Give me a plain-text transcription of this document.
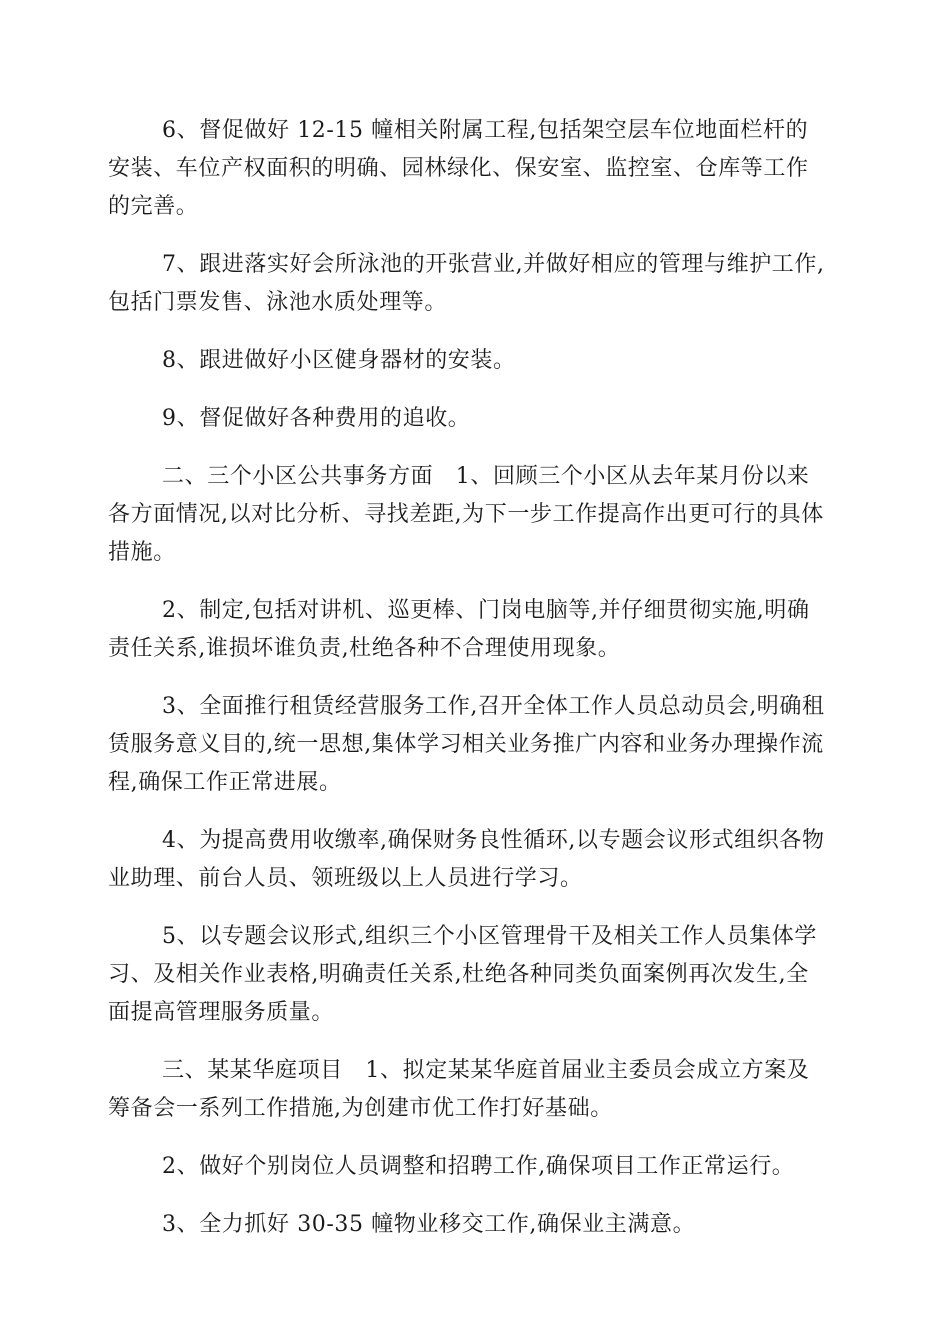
6、督促做好 12-15 幢相关附属工程,包括架空层车位地面栏杆的安装、车位产权面积的明确、园林绿化、保安室、监控室、仓库等工作的完善。

7、跟进落实好会所泳池的开张营业,并做好相应的管理与维护工作,包括门票发售、泳池水质处理等。

8、跟进做好小区健身器材的安装。

9、督促做好各种费用的追收。

二、三个小区公共事务方面　1、回顾三个小区从去年某月份以来各方面情况,以对比分析、寻找差距,为下一步工作提高作出更可行的具体措施。

2、制定,包括对讲机、巡更棒、门岗电脑等,并仔细贯彻实施,明确责任关系,谁损坏谁负责,杜绝各种不合理使用现象。

3、全面推行租赁经营服务工作,召开全体工作人员总动员会,明确租赁服务意义目的,统一思想,集体学习相关业务推广内容和业务办理操作流程,确保工作正常进展。

4、为提高费用收缴率,确保财务良性循环,以专题会议形式组织各物业助理、前台人员、领班级以上人员进行学习。

5、以专题会议形式,组织三个小区管理骨干及相关工作人员集体学习、及相关作业表格,明确责任关系,杜绝各种同类负面案例再次发生,全面提高管理服务质量。

三、某某华庭项目　1、拟定某某华庭首届业主委员会成立方案及筹备会一系列工作措施,为创建市优工作打好基础。

2、做好个别岗位人员调整和招聘工作,确保项目工作正常运行。

3、全力抓好 30-35 幢物业移交工作,确保业主满意。
